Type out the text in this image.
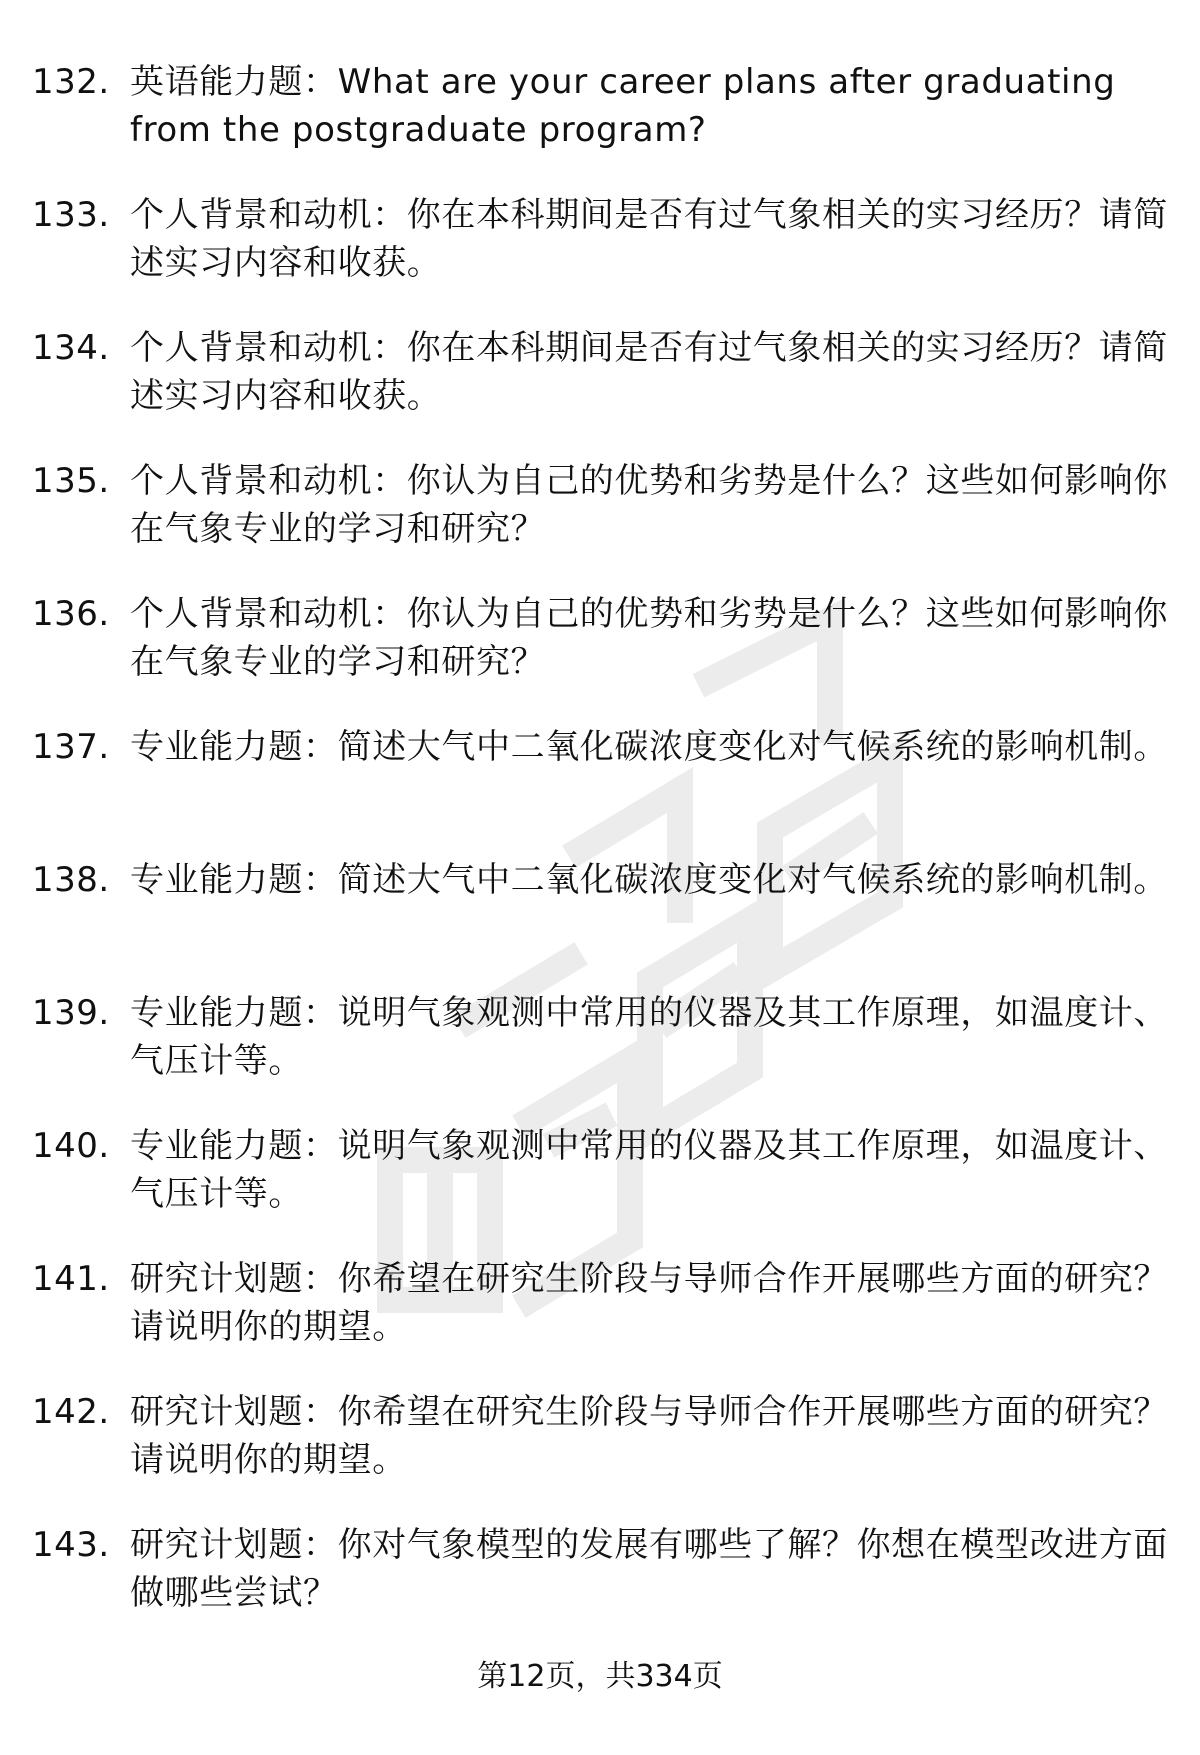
132. 英语能力题：What are your career plans after graduating from the postgraduate program?
133. 个人背景和动机：你在本科期间是否有过气象相关的实习经历？请简述实习内容和收获。
134. 个人背景和动机：你在本科期间是否有过气象相关的实习经历？请简述实习内容和收获。
135. 个人背景和动机：你认为自己的优势和劣势是什么？这些如何影响你在气象专业的学习和研究？
136. 个人背景和动机：你认为自己的优势和劣势是什么？这些如何影响你在气象专业的学习和研究？
137. 专业能力题：简述大气中二氧化碳浓度变化对气候系统的影响机制。
138. 专业能力题：简述大气中二氧化碳浓度变化对气候系统的影响机制。
139. 专业能力题：说明气象观测中常用的仪器及其工作原理，如温度计、气压计等。
140. 专业能力题：说明气象观测中常用的仪器及其工作原理，如温度计、气压计等。
141. 研究计划题：你希望在研究生阶段与导师合作开展哪些方面的研究？请说明你的期望。
142. 研究计划题：你希望在研究生阶段与导师合作开展哪些方面的研究？请说明你的期望。
143. 研究计划题：你对气象模型的发展有哪些了解？你想在模型改进方面做哪些尝试？
第12页，共334页
